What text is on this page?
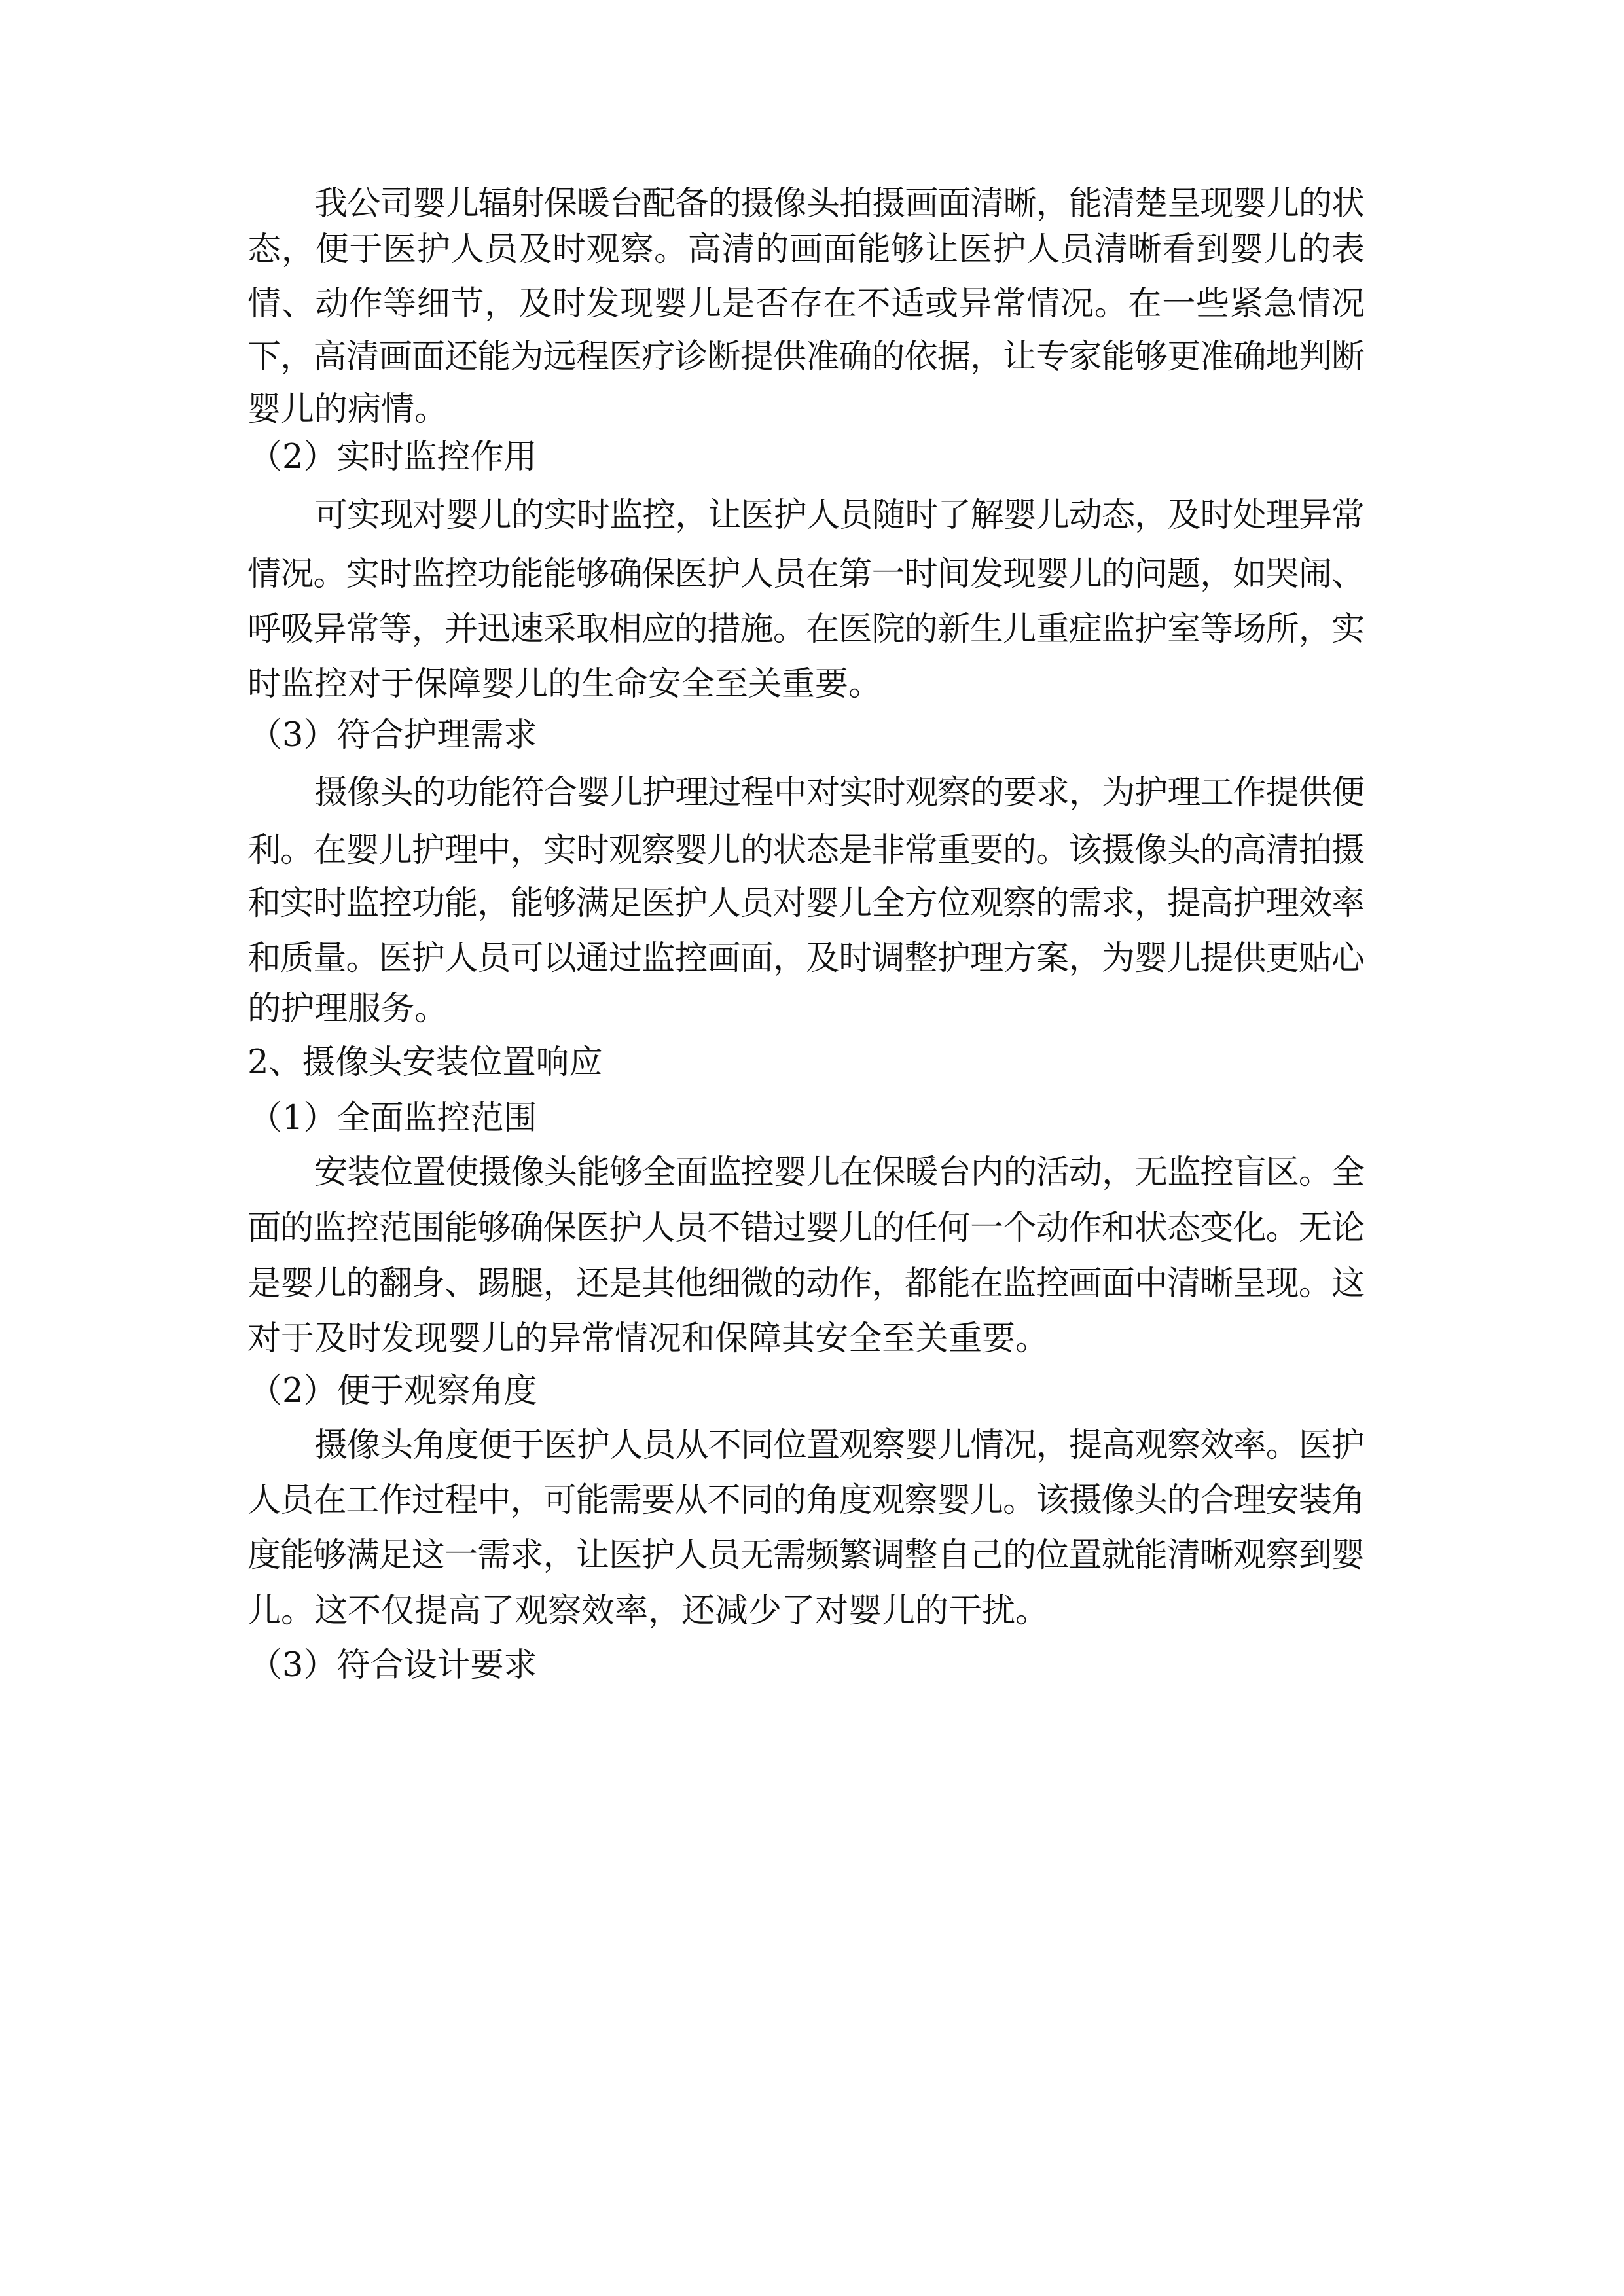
我公司婴儿辐射保暖台配备的摄像头拍摄画面清晰，能清楚呈现婴儿的状
态，便于医护人员及时观察。高清的画面能够让医护人员清晰看到婴儿的表
情、动作等细节，及时发现婴儿是否存在不适或异常情况。在一些紧急情况
下，高清画面还能为远程医疗诊断提供准确的依据，让专家能够更准确地判断
婴儿的病情。
（2）实时监控作用
可实现对婴儿的实时监控，让医护人员随时了解婴儿动态，及时处理异常
情况。实时监控功能能够确保医护人员在第一时间发现婴儿的问题，如哭闹、
呼吸异常等，并迅速采取相应的措施。在医院的新生儿重症监护室等场所，实
时监控对于保障婴儿的生命安全至关重要。
（3）符合护理需求
摄像头的功能符合婴儿护理过程中对实时观察的要求，为护理工作提供便
利。在婴儿护理中，实时观察婴儿的状态是非常重要的。该摄像头的高清拍摄
和实时监控功能，能够满足医护人员对婴儿全方位观察的需求，提高护理效率
和质量。医护人员可以通过监控画面，及时调整护理方案，为婴儿提供更贴心
的护理服务。
2、摄像头安装位置响应
（1）全面监控范围
安装位置使摄像头能够全面监控婴儿在保暖台内的活动，无监控盲区。全
面的监控范围能够确保医护人员不错过婴儿的任何一个动作和状态变化。无论
是婴儿的翻身、踢腿，还是其他细微的动作，都能在监控画面中清晰呈现。这
对于及时发现婴儿的异常情况和保障其安全至关重要。
（2）便于观察角度
摄像头角度便于医护人员从不同位置观察婴儿情况，提高观察效率。医护
人员在工作过程中，可能需要从不同的角度观察婴儿。该摄像头的合理安装角
度能够满足这一需求，让医护人员无需频繁调整自己的位置就能清晰观察到婴
儿。这不仅提高了观察效率，还减少了对婴儿的干扰。
（3）符合设计要求
